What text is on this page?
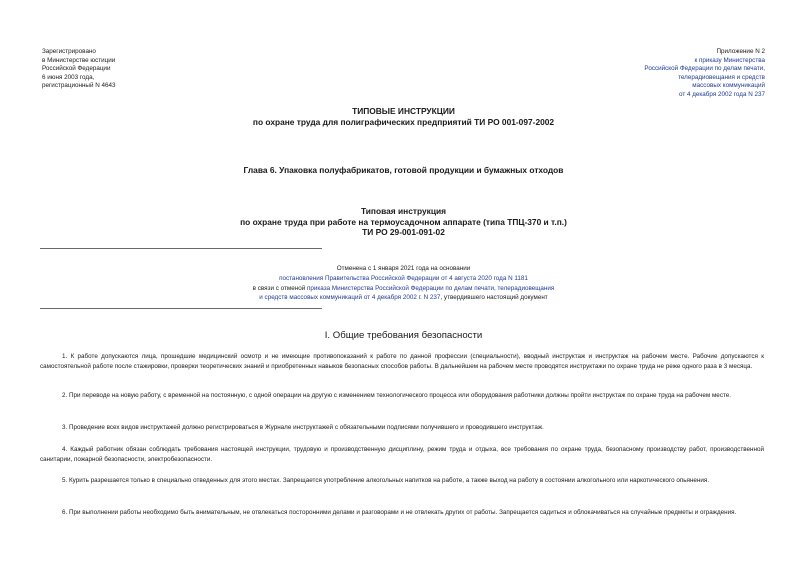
Зарегистрировано
в Министерстве юстиции
Российской Федерации
6 июня 2003 года,
регистрационный N 4643
Приложение N 2
к приказу Министерства
Российской Федерации по делам печати,
телерадиовещания и средств
массовых коммуникаций
от 4 декабря 2002 года N 237
ТИПОВЫЕ ИНСТРУКЦИИ
по охране труда для полиграфических предприятий ТИ РО 001-097-2002
Глава 6. Упаковка полуфабрикатов, готовой продукции и бумажных отходов
Типовая инструкция
по охране труда при работе на термоусадочном аппарате (типа ТПЦ-370 и т.п.)
ТИ РО 29-001-091-02
Отменена с 1 января 2021 года на основании
постановления Правительства Российской Федерации от 4 августа 2020 года N 1181
в связи с отменой приказа Министерства Российской Федерации по делам печати, телерадиовещания
и средств массовых коммуникаций от 4 декабря 2002 г. N 237, утвердившего настоящий документ
I. Общие требования безопасности

1. К работе допускаются лица, прошедшие медицинский осмотр и не имеющие противопоказаний к работе по данной профессии (специальности), вводный инструктаж и инструктаж на рабочем месте. Рабочие допускаются к самостоятельной работе после стажировки, проверки теоретических знаний и приобретенных навыков безопасных способов работы. В дальнейшем на рабочем месте проводятся инструктажи по охране труда не реже одного раза в 3 месяца.

2. При переводе на новую работу, с временной на постоянную, с одной операции на другую с изменением технологического процесса или оборудования работники должны пройти инструктаж по охране труда на рабочем месте.

3. Проведение всех видов инструктажей должно регистрироваться в Журнале инструктажей с обязательными подписями получившего и проводившего инструктаж.

4. Каждый работник обязан соблюдать требования настоящей инструкции, трудовую и производственную дисциплину, режим труда и отдыха, все требования по охране труда, безопасному производству работ, производственной санитарии, пожарной безопасности, электробезопасности.

5. Курить разрешается только в специально отведенных для этого местах. Запрещается употребление алкогольных напитков на работе, а также выход на работу в состоянии алкогольного или наркотического опьянения.

6. При выполнении работы необходимо быть внимательным, не отвлекаться посторонними делами и разговорами и не отвлекать других от работы. Запрещается садиться и облокачиваться на случайные предметы и ограждения.
